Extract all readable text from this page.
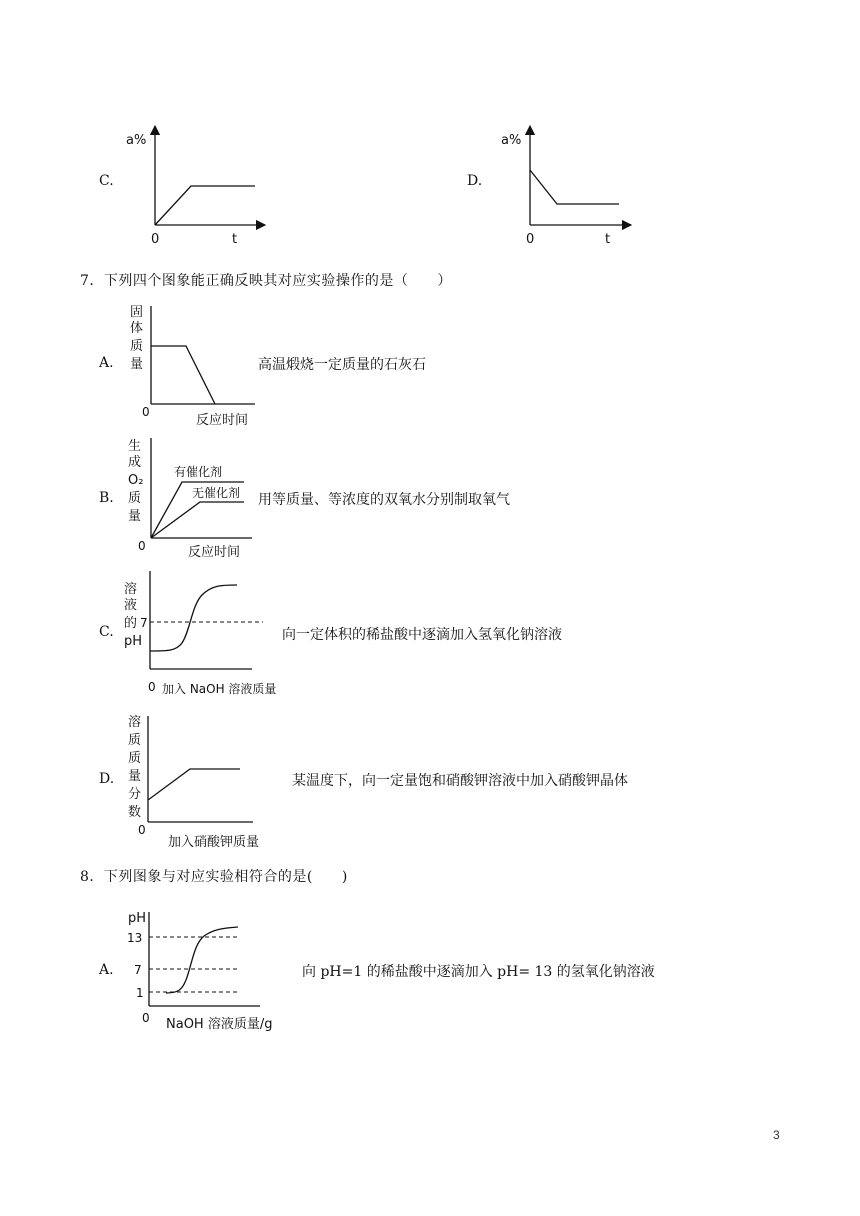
C.
a%
0	t
D.
a%
0	t
7．下列四个图象能正确反映其对应实验操作的是（　　）
A.
固 体 质 量
0
反应时间
高温煅烧一定质量的石灰石
B.
生 成 O₂ 质 量
有催化剂
无催化剂
0	反应时间
用等质量、等浓度的双氧水分别制取氧气
C.
溶 液 的 pH
7
0 加入 NaOH 溶液质量
向一定体积的稀盐酸中逐滴加入氢氧化钠溶液
D.
溶 质 质 量 分 数
0
加入硝酸钾质量
某温度下，向一定量饱和硝酸钾溶液中加入硝酸钾晶体
8．下列图象与对应实验相符合的是(　　)
A.
pH
13
7
1
0 NaOH 溶液质量/g
向 pH=1 的稀盐酸中逐滴加入 pH= 13 的氢氧化钠溶液
3
